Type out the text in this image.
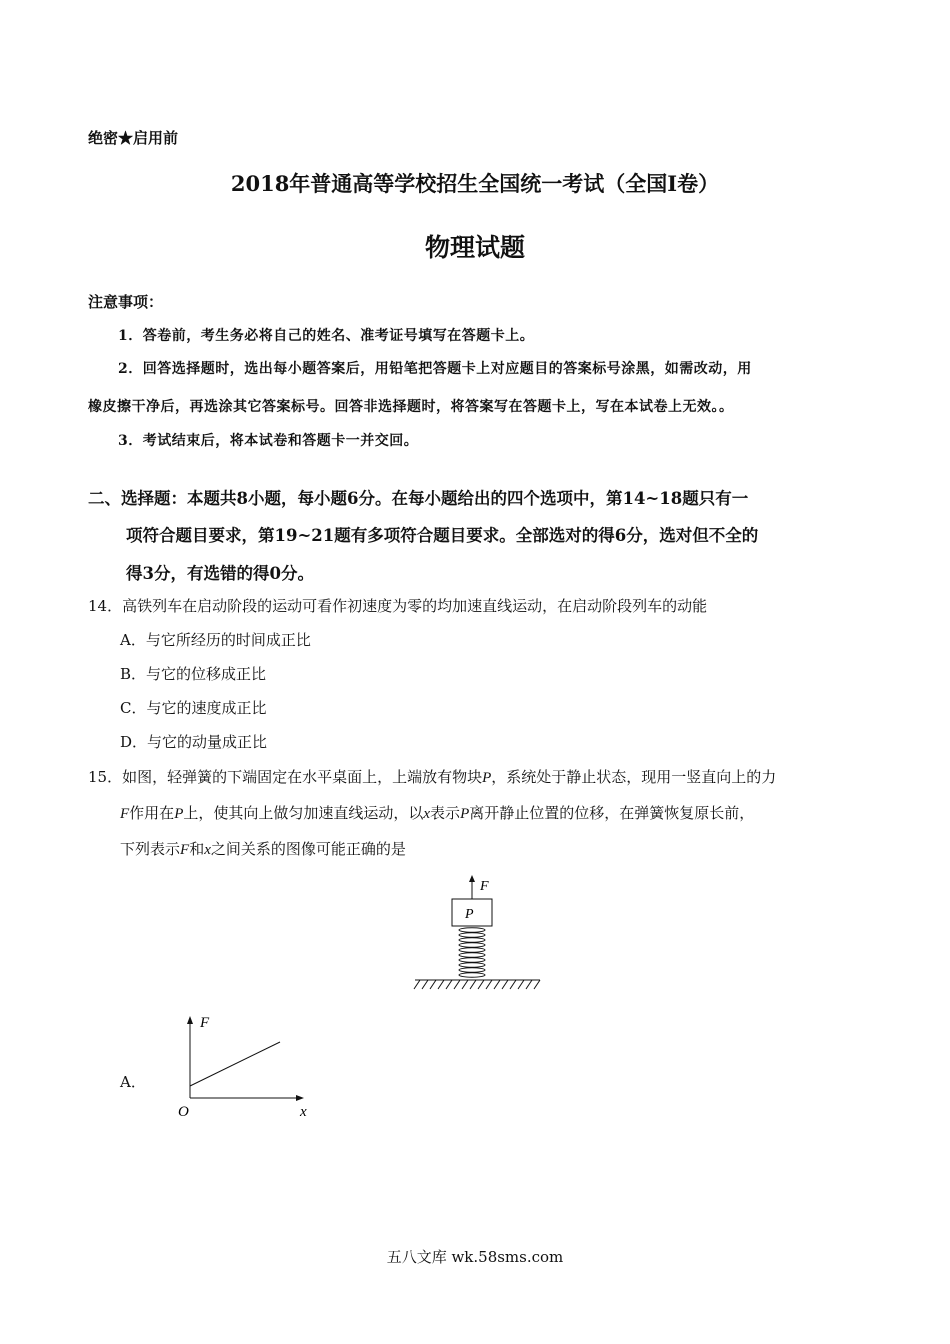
绝密★启用前
2018年普通高等学校招生全国统一考试（全国I卷）
物理试题
注意事项：
1．答卷前，考生务必将自己的姓名、准考证号填写在答题卡上。
2．回答选择题时，选出每小题答案后，用铅笔把答题卡上对应题目的答案标号涂黑，如需改动，用
橡皮擦干净后，再选涂其它答案标号。回答非选择题时，将答案写在答题卡上，写在本试卷上无效。。
3．考试结束后，将本试卷和答题卡一并交回。
二、选择题：本题共8小题，每小题6分。在每小题给出的四个选项中，第14~18题只有一
项符合题目要求，第19~21题有多项符合题目要求。全部选对的得6分，选对但不全的
得3分，有选错的得0分。
14．高铁列车在启动阶段的运动可看作初速度为零的均加速直线运动，在启动阶段列车的动能
A．与它所经历的时间成正比
B．与它的位移成正比
C．与它的速度成正比
D．与它的动量成正比
15．如图，轻弹簧的下端固定在水平桌面上，上端放有物块P，系统处于静止状态，现用一竖直向上的力
F作用在P上，使其向上做匀加速直线运动，以x表示P离开静止位置的位移，在弹簧恢复原长前，
下列表示F和x之间关系的图像可能正确的是
F
P
A．
F
x
O
五八文库 wk.58sms.com
